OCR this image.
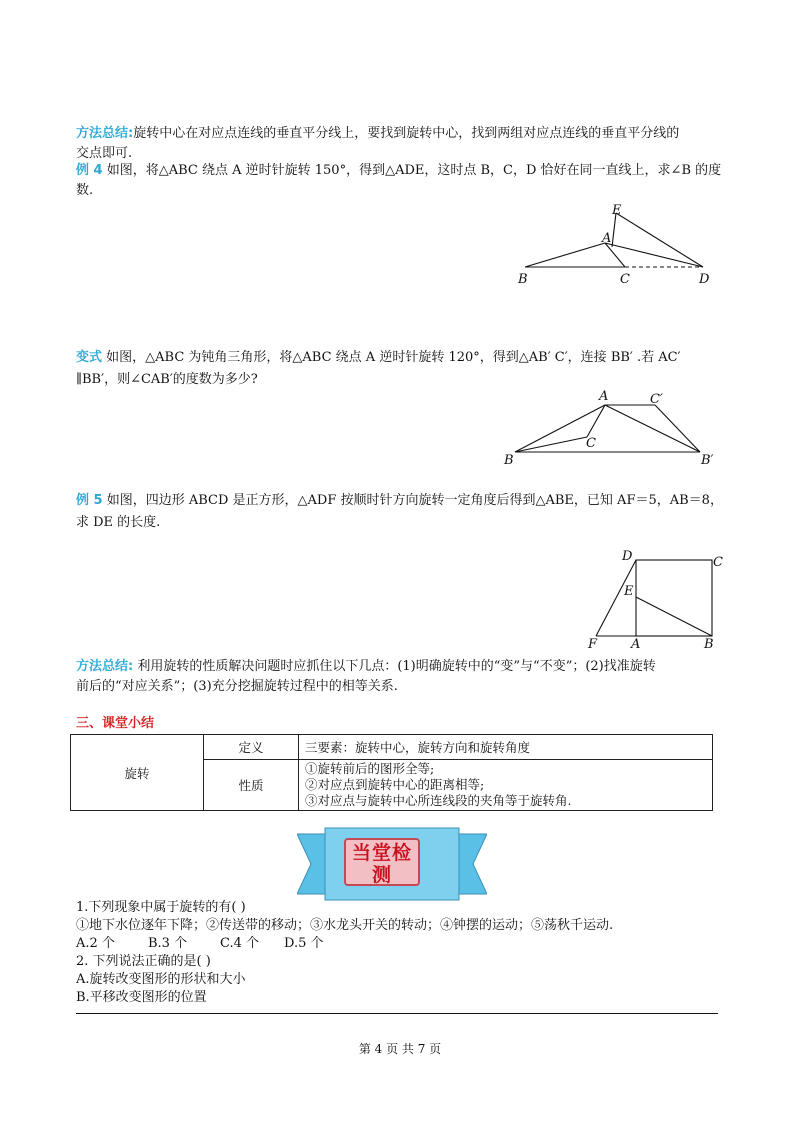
方法总结:旋转中心在对应点连线的垂直平分线上，要找到旋转中心，找到两组对应点连线的垂直平分线的
交点即可.
例 4 如图，将△ABC 绕点 A 逆时针旋转 150°，得到△ADE，这时点 B，C，D 恰好在同一直线上，求∠B 的度
数.
E
A
B	C	D
变式 如图，△ABC 为钝角三角形，将△ABC 绕点 A 逆时针旋转 120°，得到△AB′ C′，连接 BB′ .若 AC′
∥BB′，则∠CAB′的度数为多少?
A	C′
C
B	B′
例 5 如图，四边形 ABCD 是正方形，△ADF 按顺时针方向旋转一定角度后得到△ABE，已知 AF＝5，AB＝8，
求 DE 的长度.
D	C
E
F	A	B
方法总结: 利用旋转的性质解决问题时应抓住以下几点：(1)明确旋转中的“变”与“不变”；(2)找准旋转
前后的“对应关系”；(3)充分挖掘旋转过程中的相等关系.
三、课堂小结
旋转	定义	三要素：旋转中心，旋转方向和旋转角度
	性质	①旋转前后的图形全等;
②对应点到旋转中心的距离相等;
③对应点与旋转中心所连线段的夹角等于旋转角.
当堂检
测
1.下列现象中属于旋转的有( )
①地下水位逐年下降；②传送带的移动；③水龙头开关的转动；④钟摆的运动；⑤荡秋千运动.
A.2 个	B.3 个	C.4 个 D.5 个
2. 下列说法正确的是( )
A.旋转改变图形的形状和大小
B.平移改变图形的位置
第 4 页 共 7 页
